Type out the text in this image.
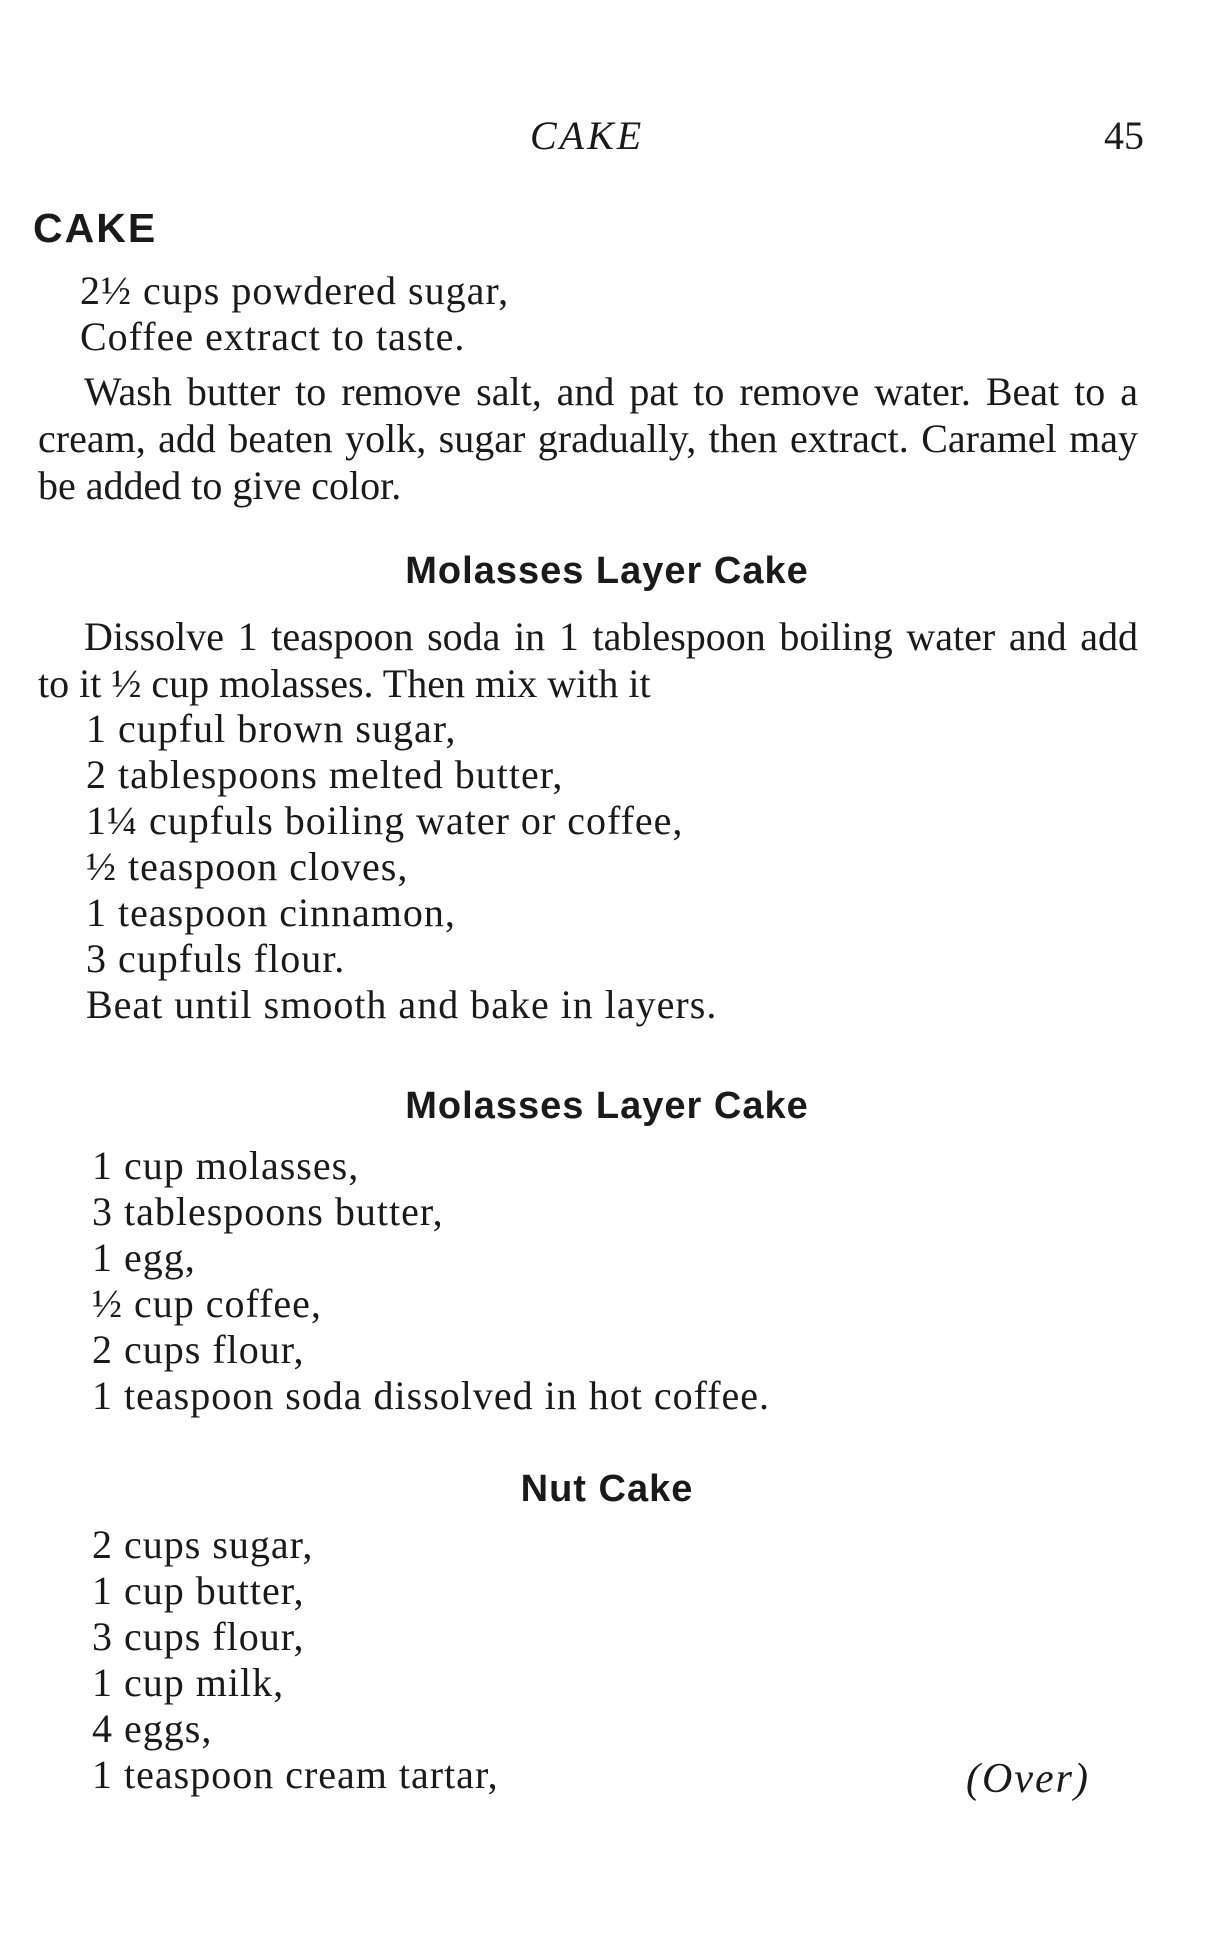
CAKE	45
CAKE
2½ cups powdered sugar,
Coffee extract to taste.

Wash butter to remove salt, and pat to remove water. Beat to a cream, add beaten yolk, sugar gradually, then extract. Caramel may be added to give color.

Molasses Layer Cake

Dissolve 1 teaspoon soda in 1 tablespoon boiling water and add to it ½ cup molasses. Then mix with it

1 cupful brown sugar,
2 tablespoons melted butter,
1¼ cupfuls boiling water or coffee,
½ teaspoon cloves,
1 teaspoon cinnamon,
3 cupfuls flour.
Beat until smooth and bake in layers.
Molasses Layer Cake
1 cup molasses,
3 tablespoons butter,
1 egg,
½ cup coffee,
2 cups flour,
1 teaspoon soda dissolved in hot coffee.
Nut Cake
2 cups sugar,
1 cup butter,
3 cups flour,
1 cup milk,
4 eggs,
1 teaspoon cream tartar,	(Over)
